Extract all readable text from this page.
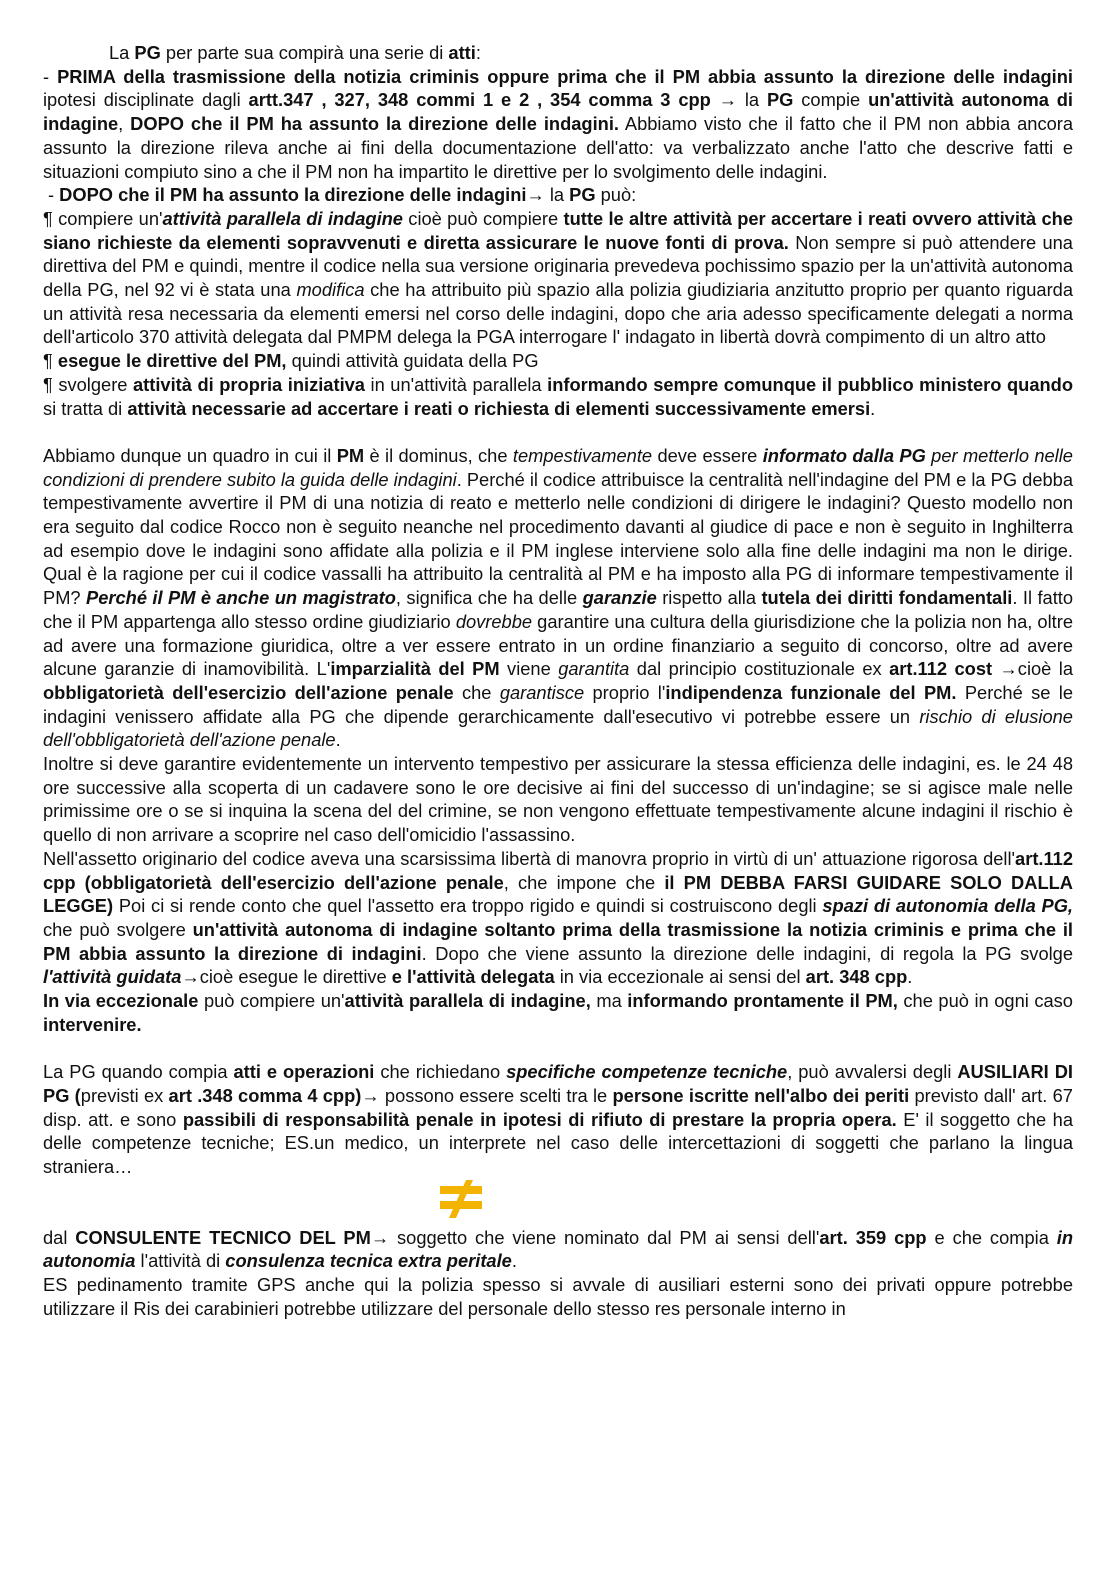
La PG per parte sua compirà una serie di atti:

- PRIMA della trasmissione della notizia criminis oppure prima che il PM abbia assunto la direzione delle indagini ipotesi disciplinate dagli artt.347 , 327, 348 commi 1 e 2 , 354 comma 3 cpp → la PG compie un'attività autonoma di indagine, DOPO che il PM ha assunto la direzione delle indagini. Abbiamo visto che il fatto che il PM non abbia ancora assunto la direzione rileva anche ai fini della documentazione dell'atto: va verbalizzato anche l'atto che descrive fatti e situazioni compiuto sino a che il PM non ha impartito le direttive per lo svolgimento delle indagini.

- DOPO che il PM ha assunto la direzione delle indagini→ la PG può:

¶ compiere un'attività parallela di indagine cioè può compiere tutte le altre attività per accertare i reati ovvero attività che siano richieste da elementi sopravvenuti e diretta assicurare le nuove fonti di prova. Non sempre si può attendere una direttiva del PM e quindi, mentre il codice nella sua versione originaria prevedeva pochissimo spazio per la un'attività autonoma della PG, nel 92 vi è stata una modifica che ha attribuito più spazio alla polizia giudiziaria anzitutto proprio per quanto riguarda un attività resa necessaria da elementi emersi nel corso delle indagini, dopo che aria adesso specificamente delegati a norma dell'articolo 370 attività delegata dal PMPM delega la PGA interrogare l' indagato in libertà dovrà compimento di un altro atto

¶ esegue le direttive del PM, quindi attività guidata della PG

¶ svolgere attività di propria iniziativa in un'attività parallela informando sempre comunque il pubblico ministero quando si tratta di attività necessarie ad accertare i reati o richiesta di elementi successivamente emersi.

Abbiamo dunque un quadro in cui il PM è il dominus, che tempestivamente deve essere informato dalla PG per metterlo nelle condizioni di prendere subito la guida delle indagini. Perché il codice attribuisce la centralità nell'indagine del PM e la PG debba tempestivamente avvertire il PM di una notizia di reato e metterlo nelle condizioni di dirigere le indagini? Questo modello non era seguito dal codice Rocco non è seguito neanche nel procedimento davanti al giudice di pace e non è seguito in Inghilterra ad esempio dove le indagini sono affidate alla polizia e il PM inglese interviene solo alla fine delle indagini ma non le dirige. Qual è la ragione per cui il codice vassalli ha attribuito la centralità al PM e ha imposto alla PG di informare tempestivamente il PM? Perché il PM è anche un magistrato, significa che ha delle garanzie rispetto alla tutela dei diritti fondamentali. Il fatto che il PM appartenga allo stesso ordine giudiziario dovrebbe garantire una cultura della giurisdizione che la polizia non ha, oltre ad avere una formazione giuridica, oltre a ver essere entrato in un ordine finanziario a seguito di concorso, oltre ad avere alcune garanzie di inamovibilità. L'imparzialità del PM viene garantita dal principio costituzionale ex art.112 cost →cioè la obbligatorietà dell'esercizio dell'azione penale che garantisce proprio l'indipendenza funzionale del PM. Perché se le indagini venissero affidate alla PG che dipende gerarchicamente dall'esecutivo vi potrebbe essere un rischio di elusione dell'obbligatorietà dell'azione penale.

Inoltre si deve garantire evidentemente un intervento tempestivo per assicurare la stessa efficienza delle indagini, es. le 24 48 ore successive alla scoperta di un cadavere sono le ore decisive ai fini del successo di un'indagine; se si agisce male nelle primissime ore o se si inquina la scena del del crimine, se non vengono effettuate tempestivamente alcune indagini il rischio è quello di non arrivare a scoprire nel caso dell'omicidio l'assassino.

Nell'assetto originario del codice aveva una scarsissima libertà di manovra proprio in virtù di un' attuazione rigorosa dell'art.112 cpp (obbligatorietà dell'esercizio dell'azione penale, che impone che il PM DEBBA FARSI GUIDARE SOLO DALLA LEGGE) Poi ci si rende conto che quel l'assetto era troppo rigido e quindi si costruiscono degli spazi di autonomia della PG, che può svolgere un'attività autonoma di indagine soltanto prima della trasmissione la notizia criminis e prima che il PM abbia assunto la direzione di indagini. Dopo che viene assunto la direzione delle indagini, di regola la PG svolge l'attività guidata→cioè esegue le direttive e l'attività delegata in via eccezionale ai sensi del art. 348 cpp.

In via eccezionale può compiere un'attività parallela di indagine, ma informando prontamente il PM, che può in ogni caso intervenire.

La PG quando compia atti e operazioni che richiedano specifiche competenze tecniche, può avvalersi degli AUSILIARI DI PG (previsti ex art .348 comma 4 cpp)→ possono essere scelti tra le persone iscritte nell'albo dei periti previsto dall' art. 67 disp. att. e sono passibili di responsabilità penale in ipotesi di rifiuto di prestare la propria opera. E' il soggetto che ha delle competenze tecniche; ES.un medico, un interprete nel caso delle intercettazioni di soggetti che parlano la lingua straniera…

dal CONSULENTE TECNICO DEL PM→ soggetto che viene nominato dal PM ai sensi dell'art. 359 cpp e che compia in autonomia l'attività di consulenza tecnica extra peritale.

ES pedinamento tramite GPS anche qui la polizia spesso si avvale di ausiliari esterni sono dei privati oppure potrebbe utilizzare il Ris dei carabinieri potrebbe utilizzare del personale dello stesso res personale interno in
